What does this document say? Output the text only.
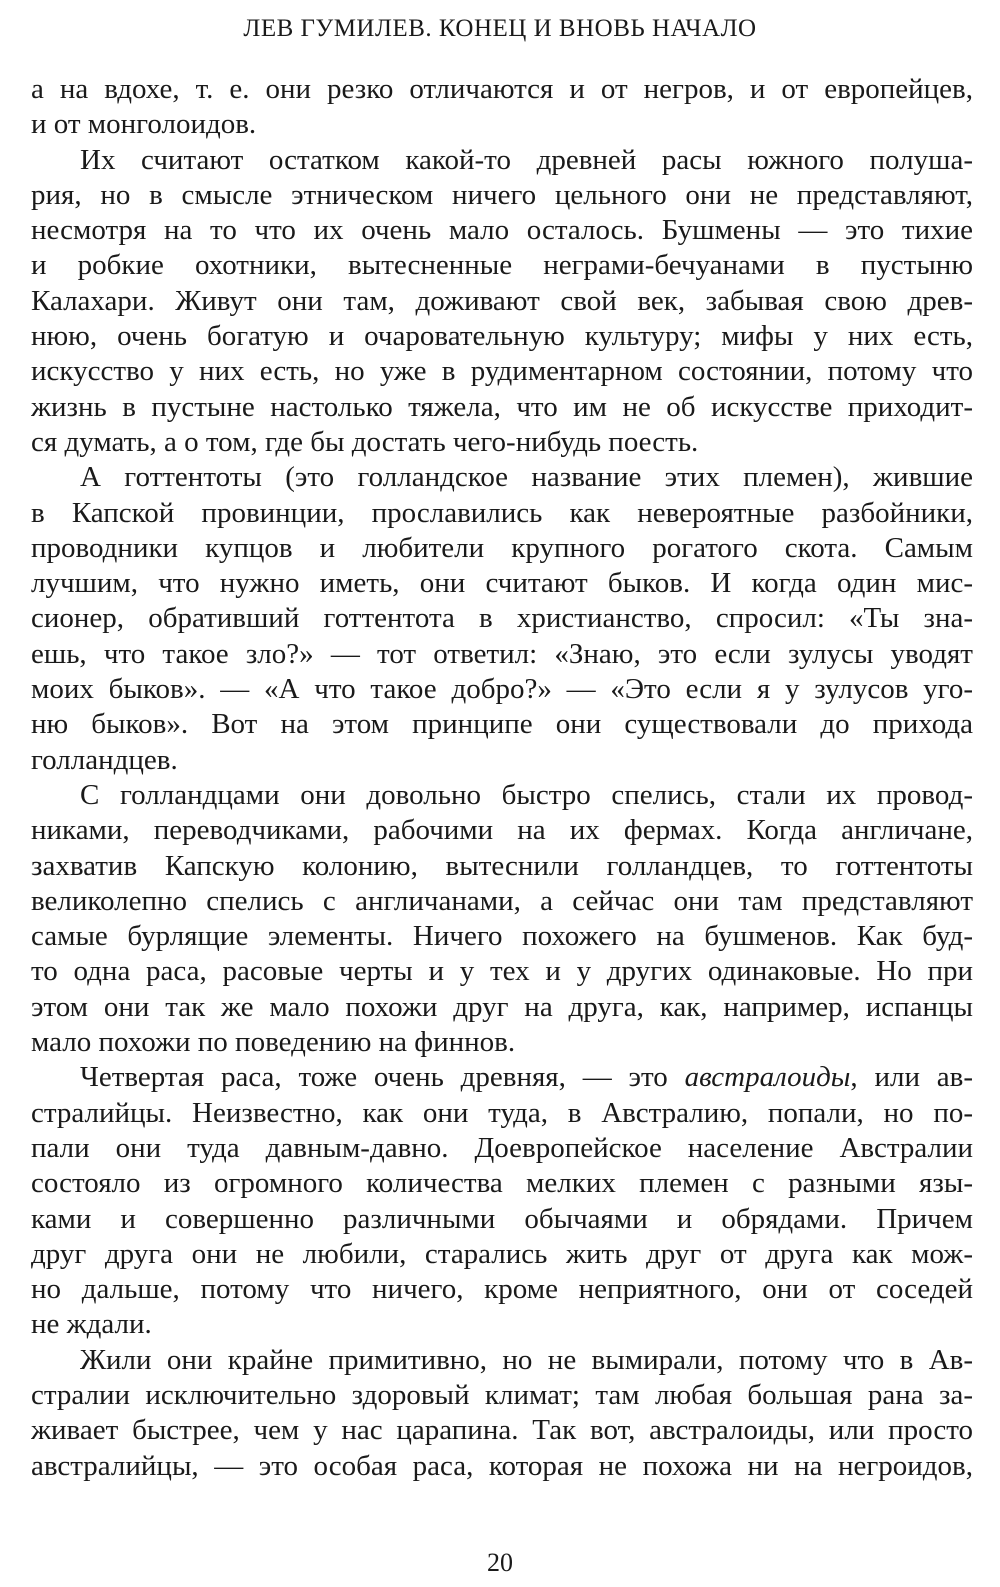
ЛЕВ ГУМИЛЕВ. КОНЕЦ И ВНОВЬ НАЧАЛО
а на вдохе, т. е. они резко отличаются и от негров, и от европейцев,
и от монголоидов.
Их считают остатком какой-то древней расы южного полуша-
рия, но в смысле этническом ничего цельного они не представляют,
несмотря на то что их очень мало осталось. Бушмены — это тихие
и робкие охотники, вытесненные неграми-бечуанами в пустыню
Калахари. Живут они там, доживают свой век, забывая свою древ-
нюю, очень богатую и очаровательную культуру; мифы у них есть,
искусство у них есть, но уже в рудиментарном состоянии, потому что
жизнь в пустыне настолько тяжела, что им не об искусстве приходит-
ся думать, а о том, где бы достать чего-нибудь поесть.
А готтентоты (это голландское название этих племен), жившие
в Капской провинции, прославились как невероятные разбойники,
проводники купцов и любители крупного рогатого скота. Самым
лучшим, что нужно иметь, они считают быков. И когда один мис-
сионер, обративший готтентота в христианство, спросил: «Ты зна-
ешь, что такое зло?» — тот ответил: «Знаю, это если зулусы уводят
моих быков». — «А что такое добро?» — «Это если я у зулусов уго-
ню быков». Вот на этом принципе они существовали до прихода
голландцев.
С голландцами они довольно быстро спелись, стали их провод-
никами, переводчиками, рабочими на их фермах. Когда англичане,
захватив Капскую колонию, вытеснили голландцев, то готтентоты
великолепно спелись с англичанами, а сейчас они там представляют
самые бурлящие элементы. Ничего похожего на бушменов. Как буд-
то одна раса, расовые черты и у тех и у других одинаковые. Но при
этом они так же мало похожи друг на друга, как, например, испанцы
мало похожи по поведению на финнов.
Четвертая раса, тоже очень древняя, — это австралоиды, или ав-
стралийцы. Неизвестно, как они туда, в Австралию, попали, но по-
пали они туда давным-давно. Доевропейское население Австралии
состояло из огромного количества мелких племен с разными язы-
ками и совершенно различными обычаями и обрядами. Причем
друг друга они не любили, старались жить друг от друга как мож-
но дальше, потому что ничего, кроме неприятного, они от соседей
не ждали.
Жили они крайне примитивно, но не вымирали, потому что в Ав-
стралии исключительно здоровый климат; там любая большая рана за-
живает быстрее, чем у нас царапина. Так вот, австралоиды, или просто
австралийцы, — это особая раса, которая не похожа ни на негроидов,
20
